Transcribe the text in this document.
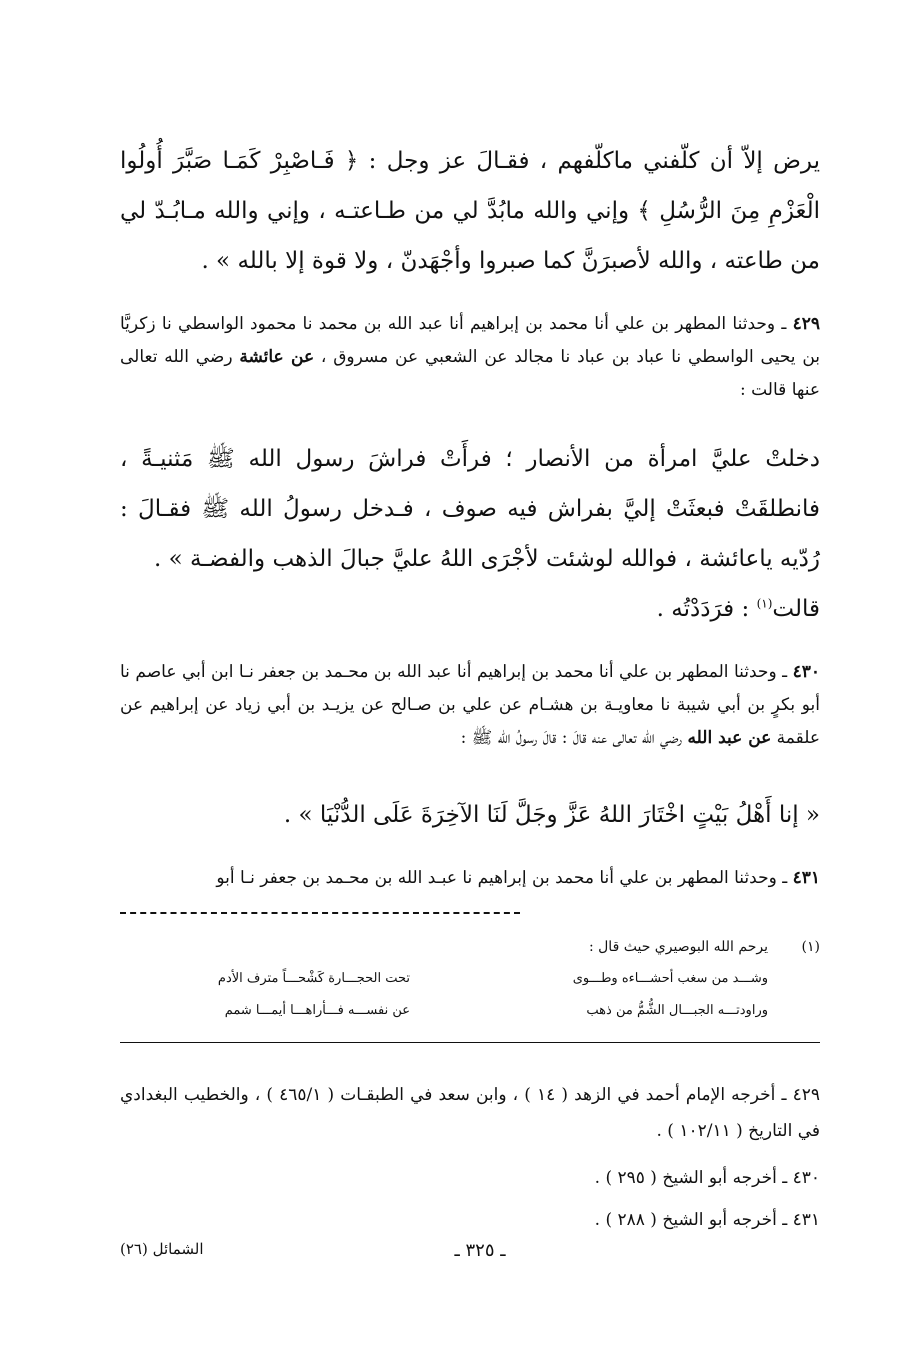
يرض إلاّ أن كلّفني ماكلّفهم ، فقـالَ عز وجل : ﴿ فَـاصْبِرْ كَمَـا صَبَّرَ أُولُوا الْعَزْمِ مِنَ الرُّسُلِ ﴾ وإني والله مابُدَّ لي من طـاعتـه ، وإني والله مـابُـدّ لي من طاعته ، والله لأصبرَنَّ كما صبروا وأجْهَدنّ ، ولا قوة إلا بالله » .

٤٢٩ ـ وحدثنا المطهر بن علي أنا محمد بن إبراهيم أنا عبد الله بن محمد نا محمود الواسطي نا زكريَّا بن يحيى الواسطي نا عباد بن عباد نا مجالد عن الشعبي عن مسروق ، عن عائشة رضي الله تعالى عنها قالت :

دخلتْ عليَّ امرأة من الأنصار ؛ فرأَتْ فراشَ رسول الله ﷺ مَثنيـةً ، فانطلقَتْ فبعثَتْ إليَّ بفراش فيه صوف ، فـدخل رسولُ الله ﷺ فقـالَ : رُدّيه ياعائشة ، فوالله لوشئت لأجْرَى اللهُ عليَّ جبالَ الذهب والفضـة » .

قالت$^{(١)}$ : فرَدَدْتُه .

٤٣٠ ـ وحدثنا المطهر بن علي أنا محمد بن إبراهيم أنا عبد الله بن محـمد بن جعفر نـا ابن أبي عاصم نا أبو بكرٍ بن أبي شيبة نا معاويـة بن هشـام عن علي بن صـالح عن يزيـد بن أبي زياد عن إبراهيم عن علقمة عن عبد الله رضي الله تعالى عنه قالَ : قالَ رسولُ الله ﷺ :

« إنا أَهْلُ بَيْتٍ اخْتَارَ اللهُ عَزَّ وجَلَّ لَنَا الآخِرَةَ عَلَى الدُّنْيَا » .

٤٣١ ـ وحدثنا المطهر بن علي أنا محمد بن إبراهيم نا عبـد الله بن محـمد بن جعفر نـا أبو

(١)يرحم الله البوصيري حيث قال :
وشـــد من سغب أحشـــاءه وطـــوى
تحت الحجـــارة كَشْحـــاً مترف الأدم
وراودتـــه الجبـــال الشُّمُّ من ذهب
عن نفســـه فـــأراهـــا أيمـــا شمم

٤٢٩ ـ أخرجه الإمام أحمد في الزهد ( ١٤ ) ، وابن سعد في الطبقـات ( ٤٦٥/١ ) ، والخطيب البغدادي في التاريخ ( ١٠٢/١١ ) .

٤٣٠ ـ أخرجه أبو الشيخ ( ٢٩٥ ) .

٤٣١ ـ أخرجه أبو الشيخ ( ٢٨٨ ) .

ـ ٣٢٥ ـ
الشمائل (٢٦)
